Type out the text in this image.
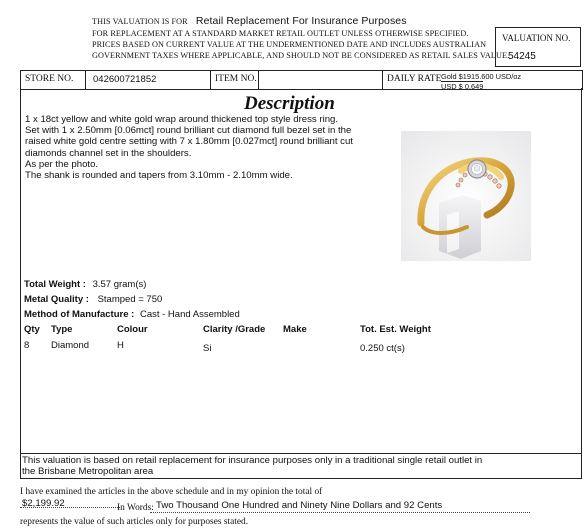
THIS VALUATION IS FOR Retail Replacement For Insurance Purposes
FOR REPLACEMENT AT A STANDARD MARKET RETAIL OUTLET UNLESS OTHERWISE SPECIFIED.
PRICES BASED ON CURRENT VALUE AT THE UNDERMENTIONED DATE AND INCLUDES AUSTRALIAN
GOVERNMENT TAXES WHERE APPLICABLE, AND SHOULD NOT BE CONSIDERED AS RETAIL SALES VALUE.
VALUATION NO.
54245
STORE NO. 042600721852	ITEM NO.	DAILY RATE Gold $1915.600 USD/oz
USD $ 0.649
Description
1 x 18ct yellow and white gold wrap around thickened top style dress ring.
Set with 1 x 2.50mm [0.06mct] round brilliant cut diamond full bezel set in the
raised white gold centre setting with 7 x 1.80mm [0.027mct] round brilliant cut
diamonds channel set in the shoulders.
As per the photo.
The shank is rounded and tapers from 3.10mm - 2.10mm wide.
Total Weight : 3.57 gram(s)
Metal Quality : Stamped = 750
Method of Manufacture : Cast - Hand Assembled
Qty Type	Colour	Clarity /Grade Make	Tot. Est. Weight
8 Diamond	H	Si	0.250 ct(s)
This valuation is based on retail replacement for insurance purposes only in a traditional single retail outlet in
the Brisbane Metropolitan area
I have examined the articles in the above schedule and in my opinion the total of
$2,199.92	In Words: Two Thousand One Hundred and Ninety Nine Dollars and 92 Cents
represents the value of such articles only for purposes stated.
